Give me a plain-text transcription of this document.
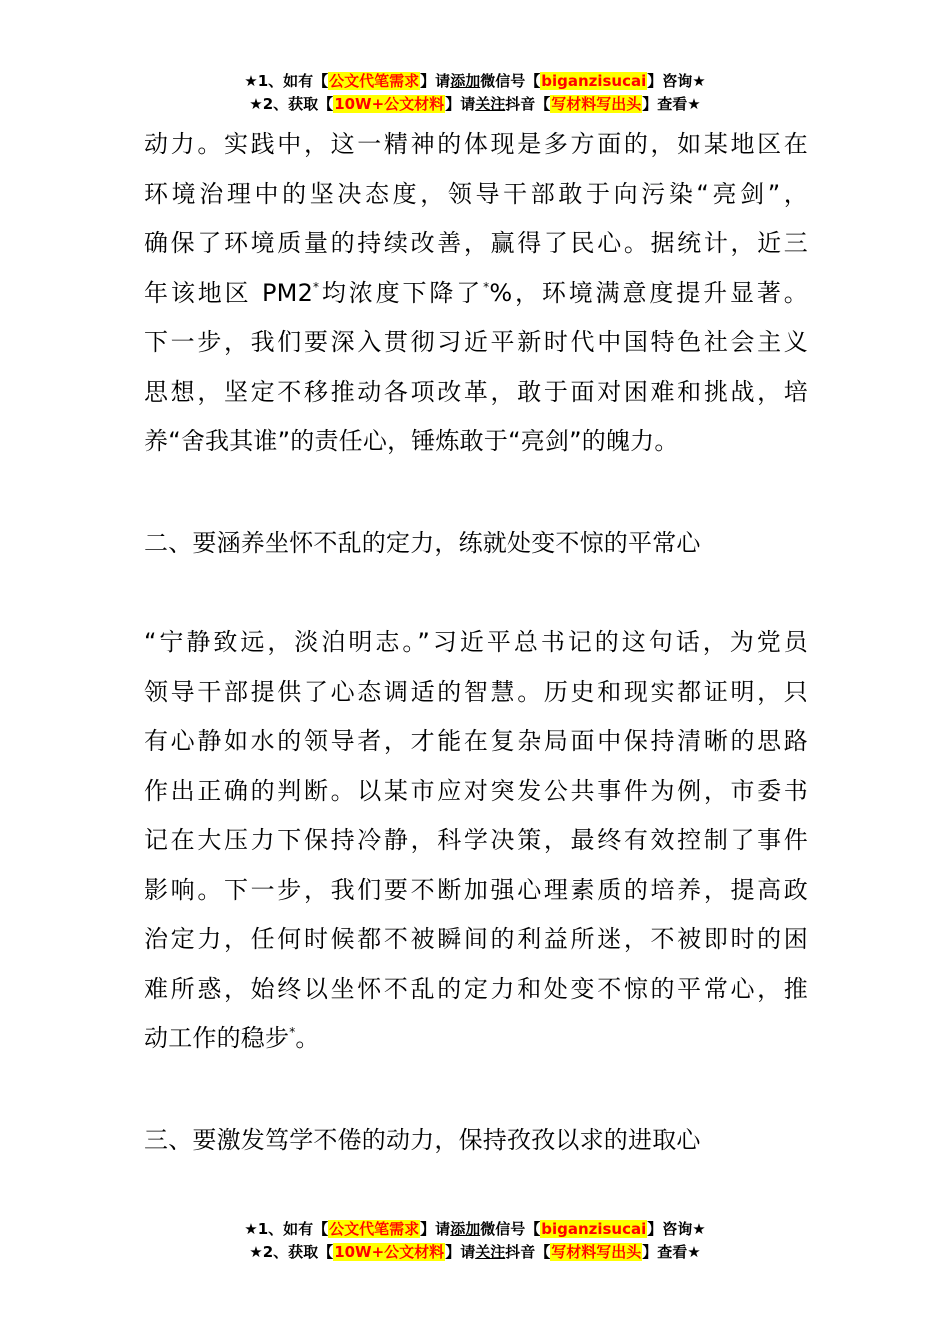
★1、如有【公文代笔需求】请添加微信号【biganzisucai】咨询★
★2、获取【10W+公文材料】请关注抖音【写材料写出头】查看★

动力。实践中，这一精神的体现是多方面的，如某地区在
环境治理中的坚决态度，领导干部敢于向污染“亮剑”，
确保了环境质量的持续改善，赢得了民心。据统计，近三
年该地区 PM2*均浓度下降了*%，环境满意度提升显著。
下一步，我们要深入贯彻习近平新时代中国特色社会主义
思想，坚定不移推动各项改革，敢于面对困难和挑战，培
养“舍我其谁”的责任心，锤炼敢于“亮剑”的魄力。

二、要涵养坐怀不乱的定力，练就处变不惊的平常心

“宁静致远，淡泊明志。”习近平总书记的这句话，为党员
领导干部提供了心态调适的智慧。历史和现实都证明，只
有心静如水的领导者，才能在复杂局面中保持清晰的思路
作出正确的判断。以某市应对突发公共事件为例，市委书
记在大压力下保持冷静，科学决策，最终有效控制了事件
影响。下一步，我们要不断加强心理素质的培养，提高政
治定力，任何时候都不被瞬间的利益所迷，不被即时的困
难所惑，始终以坐怀不乱的定力和处变不惊的平常心，推
动工作的稳步*。

三、要激发笃学不倦的动力，保持孜孜以求的进取心

★1、如有【公文代笔需求】请添加微信号【biganzisucai】咨询★
★2、获取【10W+公文材料】请关注抖音【写材料写出头】查看★
